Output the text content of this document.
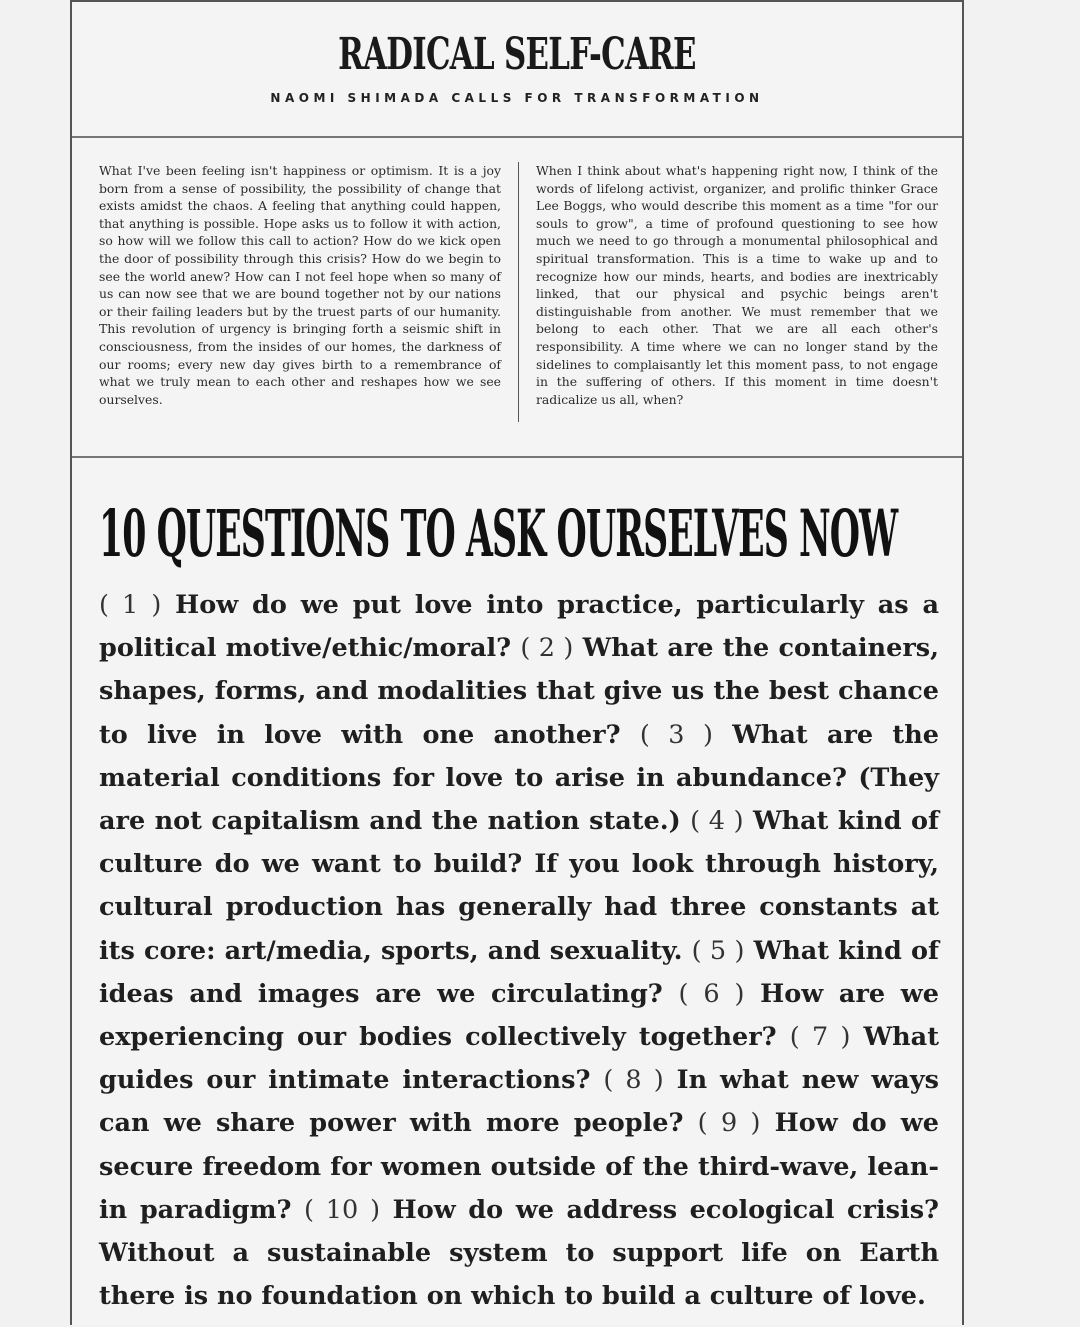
RADICAL SELF-CARE
NAOMI SHIMADA CALLS FOR TRANSFORMATION
What I've been feeling isn't happiness or optimism. It is a joy born from a sense of possibility, the possibility of change that exists amidst the chaos. A feeling that anything could happen, that anything is possible. Hope asks us to follow it with action, so how will we follow this call to action? How do we kick open the door of possibility through this crisis? How do we begin to see the world anew? How can I not feel hope when so many of us can now see that we are bound together not by our nations or their failing leaders but by the truest parts of our humanity. This revolution of urgency is bringing forth a seismic shift in consciousness, from the insides of our homes, the darkness of our rooms; every new day gives birth to a remembrance of what we truly mean to each other and reshapes how we see ourselves.
When I think about what's happening right now, I think of the words of lifelong activist, organizer, and prolific thinker Grace Lee Boggs, who would describe this moment as a time "for our souls to grow", a time of profound questioning to see how much we need to go through a monumental philosophical and spiritual transformation. This is a time to wake up and to recognize how our minds, hearts, and bodies are inextricably linked, that our physical and psychic beings aren't distinguishable from another. We must remember that we belong to each other. That we are all each other's responsibility. A time where we can no longer stand by the sidelines to complaisantly let this moment pass, to not engage in the suffering of others. If this moment in time doesn't radicalize us all, when?
10 QUESTIONS TO ASK OURSELVES NOW
( 1 ) How do we put love into practice, particularly as a political motive/ethic/moral? ( 2 ) What are the containers, shapes, forms, and modalities that give us the best chance to live in love with one another? ( 3 ) What are the material conditions for love to arise in abundance? (They are not capitalism and the nation state.) ( 4 ) What kind of culture do we want to build? If you look through history, cultural production has generally had three constants at its core: art/media, sports, and sexuality. ( 5 ) What kind of ideas and images are we circulating? ( 6 ) How are we experiencing our bodies collectively together? ( 7 ) What guides our intimate interactions? ( 8 ) In what new ways can we share power with more people? ( 9 ) How do we secure freedom for women outside of the third-wave, lean-in paradigm? ( 10 ) How do we address ecological crisis? Without a sustainable system to support life on Earth there is no foundation on which to build a culture of love.
